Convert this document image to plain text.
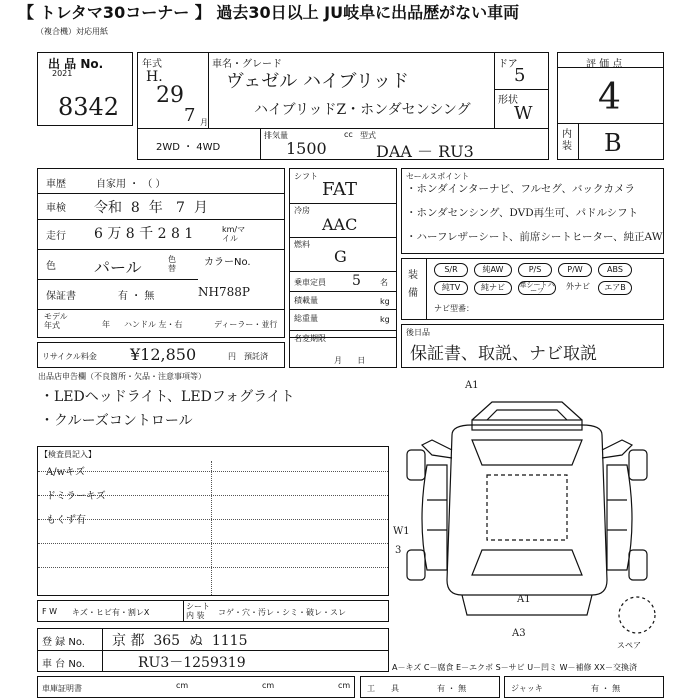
【 トレタマ30コーナー 】 過去30日以上 JU岐阜に出品歴がない車両
（複合機）対応用紙
出 品 No.
2021
8342
年式
H.
29
7 月
車名・グレード
ヴェゼル ハイブリッド
ハイブリッドZ・ホンダセンシング
ドア
5
形状
W
2WD ・ 4WD
排気量	cc
1500
型式
DAA － RU3
評 価 点
4
内装 B
車歴	自家用 ・ （ ）
車検 令和  8  年   7  月
走行 6 万 8 千 2 8 1	km/マイル
色 パール	色替
カラーNo.
保証書	有 ・ 無	NH788P
モデル年式	年 ハンドル 左・右	ディーラー・並行
シフト
FAT
冷房
AAC
燃料
G
乗車定員 5 名
積載量	kg
総重量	kg
セールスポイント
・ホンダインターナビ、フルセグ、バックカメラ
・ホンダセンシング、DVD再生可、パドルシフト
・ハーフレザーシート、前席シートヒーター、純正AW
装備
S/R	純AW	P/S	P/W	ABS
純TV	純ナビ	革シートハーフ	外ナビ	エアB
ナビ型番：
リサイクル料金 ¥12,850	円 預託済
名変期限
月      日
後日品
保証書、取説、ナビ取説
出品店申告欄（不良箇所・欠品・注意事項等）
・LEDヘッドライト、LEDフォグライト
・クルーズコントロール
【検査員記入】
A/wキズ
ドミラーキズ
もくず有
A1
W1
3
A1
A3
スペア
F W キズ・ヒビ有・割レX
シート内 装	コゲ・穴・汚レ・シミ・破レ・スレ
登 録 No. 京 都  365  ぬ  1115
車 台 No.	RU3－1259319	A－キズ C－腐食 E－エクボ S－サビ U－凹ミ W－補修 XX－交換済
車庫証明書	cm	cm	cm 工　　具	有 ・ 無	ジャッキ	有 ・ 無
